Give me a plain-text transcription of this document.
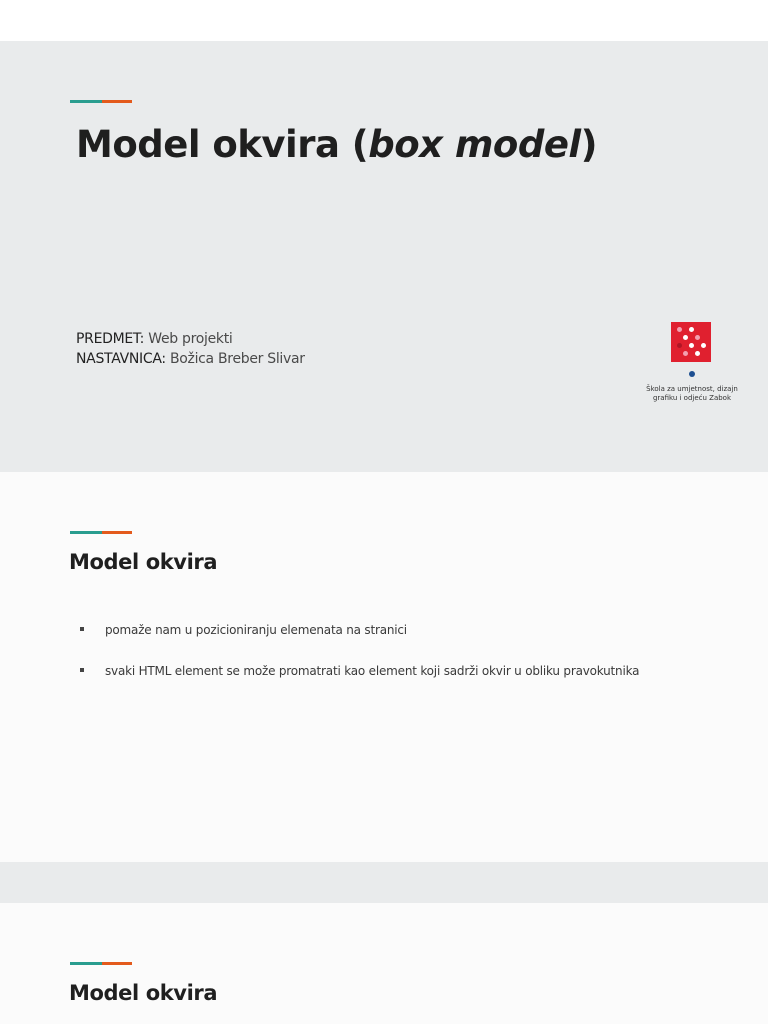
Model okvira (box model)
PREDMET: Web projekti
NASTAVNICA: Božica Breber Slivar
Škola za umjetnost, dizajn
grafiku i odjeću Zabok
Model okvira
pomaže nam u pozicioniranju elemenata na stranici
svaki HTML element se može promatrati kao element koji sadrži okvir u obliku pravokutnika
Model okvira
